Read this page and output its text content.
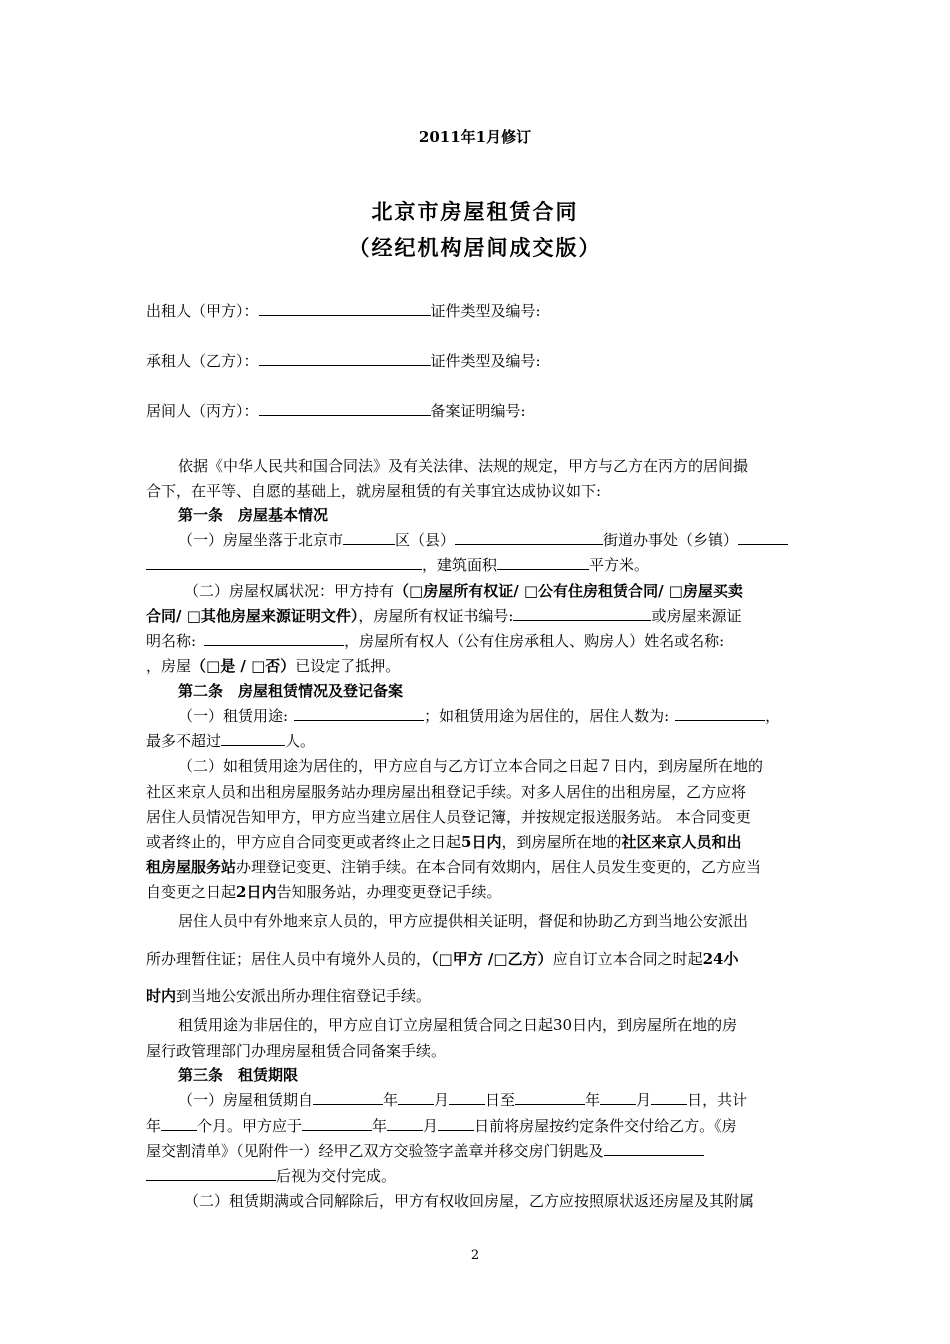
2011年1月修订
北京市房屋租赁合同
（经纪机构居间成交版）
出租人（甲方）：	证件类型及编号:
承租人（乙方）：	证件类型及编号:
居间人（丙方）：	备案证明编号:
依据《中华人民共和国合同法》及有关法律、法规的规定，甲方与乙方在丙方的居间撮
合下，在平等、自愿的基础上，就房屋租赁的有关事宜达成协议如下:
第一条　房屋基本情况
（一）房屋坐落于北京市	区（县）	街道办事处（乡镇）
，建筑面积	平方米。
（二）房屋权属状况：甲方持有（□房屋所有权证/ □公有住房租赁合同/ □房屋买卖
合同/ □其他房屋来源证明文件），房屋所有权证书编号:	或房屋来源证
明名称:	，房屋所有权人（公有住房承租人、购房人）姓名或名称:
，房屋（□是 / □否）已设定了抵押。
第二条　房屋租赁情况及登记备案
（一）租赁用途:	；如租赁用途为居住的，居住人数为:	，
最多不超过	人。
（二）如租赁用途为居住的，甲方应自与乙方订立本合同之日起７日内，到房屋所在地的
社区来京人员和出租房屋服务站办理房屋出租登记手续。对多人居住的出租房屋，乙方应将
居住人员情况告知甲方，甲方应当建立居住人员登记簿，并按规定报送服务站。 本合同变更
或者终止的，甲方应自合同变更或者终止之日起5日内，到房屋所在地的社区来京人员和出
租房屋服务站办理登记变更、注销手续。在本合同有效期内，居住人员发生变更的，乙方应当
自变更之日起2日内告知服务站，办理变更登记手续。
居住人员中有外地来京人员的，甲方应提供相关证明，督促和协助乙方到当地公安派出
所办理暂住证；居住人员中有境外人员的，（□甲方 /□乙方）应自订立本合同之时起24小
时内到当地公安派出所办理住宿登记手续。
租赁用途为非居住的，甲方应自订立房屋租赁合同之日起30日内，到房屋所在地的房
屋行政管理部门办理房屋租赁合同备案手续。
第三条　租赁期限
（一）房屋租赁期自	年 月 日至	年 月 日，共计
年 个月。甲方应于	年 月 日前将房屋按约定条件交付给乙方。《房
屋交割清单》（见附件一）经甲乙双方交验签字盖章并移交房门钥匙及
后视为交付完成。
（二）租赁期满或合同解除后，甲方有权收回房屋，乙方应按照原状返还房屋及其附属
2
